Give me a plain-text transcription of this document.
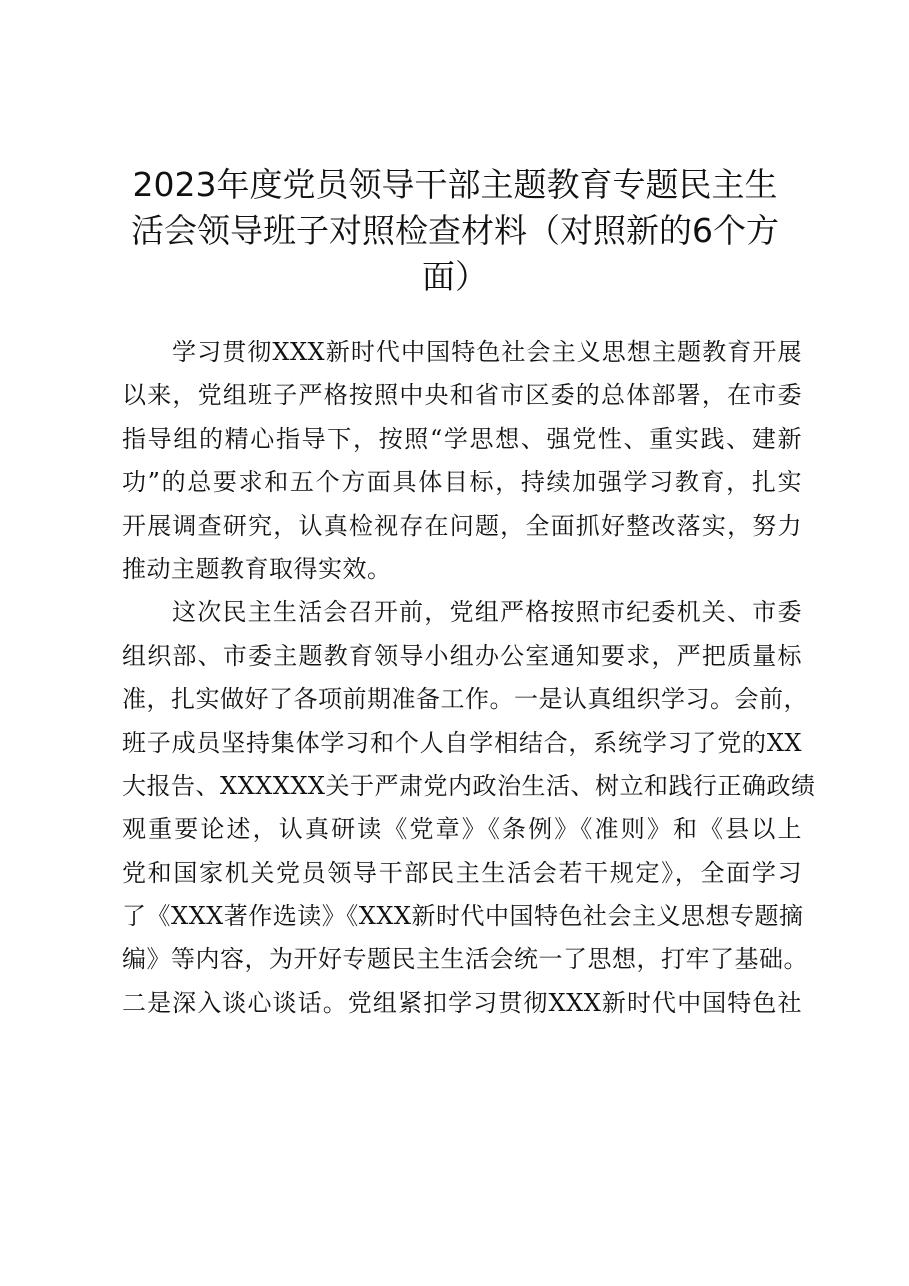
2023年度党员领导干部主题教育专题民主生
活会领导班子对照检查材料（对照新的6个方
面）
学习贯彻XXX新时代中国特色社会主义思想主题教育开展
以来，党组班子严格按照中央和省市区委的总体部署，在市委
指导组的精心指导下，按照“学思想、强党性、重实践、建新
功”的总要求和五个方面具体目标，持续加强学习教育，扎实
开展调查研究，认真检视存在问题，全面抓好整改落实，努力
推动主题教育取得实效。
这次民主生活会召开前，党组严格按照市纪委机关、市委
组织部、市委主题教育领导小组办公室通知要求，严把质量标
准，扎实做好了各项前期准备工作。一是认真组织学习。会前，
班子成员坚持集体学习和个人自学相结合，系统学习了党的XX
大报告、XXXXXX关于严肃党内政治生活、树立和践行正确政绩
观重要论述，认真研读《党章》《条例》《准则》和《县以上
党和国家机关党员领导干部民主生活会若干规定》，全面学习
了《XXX著作选读》《XXX新时代中国特色社会主义思想专题摘
编》等内容，为开好专题民主生活会统一了思想，打牢了基础。
二是深入谈心谈话。党组紧扣学习贯彻XXX新时代中国特色社
